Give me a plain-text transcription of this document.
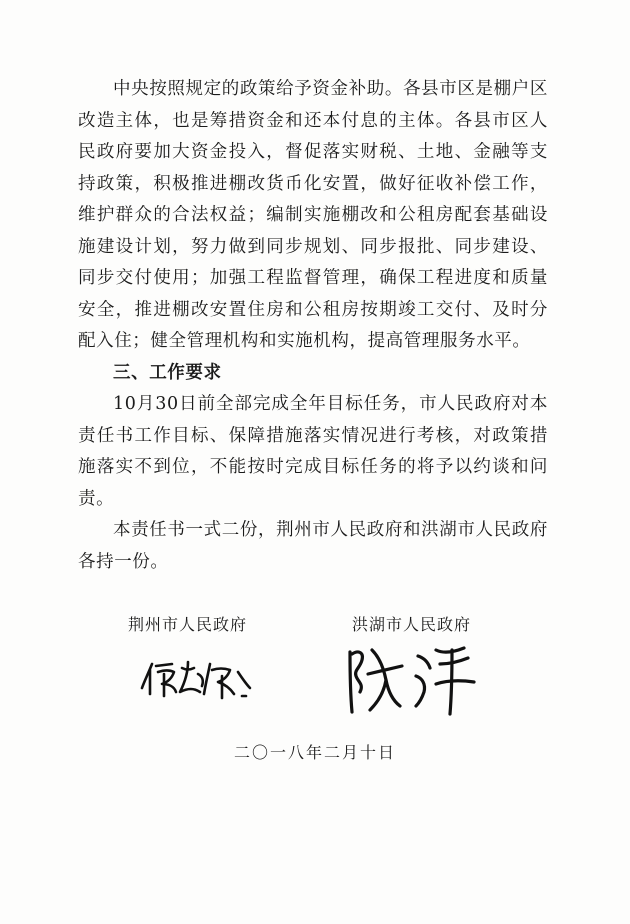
中央按照规定的政策给予资金补助。各县市区是棚户区改造主体，也是筹措资金和还本付息的主体。各县市区人民政府要加大资金投入，督促落实财税、土地、金融等支持政策，积极推进棚改货币化安置，做好征收补偿工作，维护群众的合法权益；编制实施棚改和公租房配套基础设施建设计划，努力做到同步规划、同步报批、同步建设、同步交付使用；加强工程监督管理，确保工程进度和质量安全，推进棚改安置住房和公租房按期竣工交付、及时分配入住；健全管理机构和实施机构，提高管理服务水平。

三、工作要求

10月30日前全部完成全年目标任务，市人民政府对本责任书工作目标、保障措施落实情况进行考核，对政策措施落实不到位，不能按时完成目标任务的将予以约谈和问责。

本责任书一式二份，荆州市人民政府和洪湖市人民政府各持一份。

荆州市人民政府	洪湖市人民政府
二〇一八年二月十日
